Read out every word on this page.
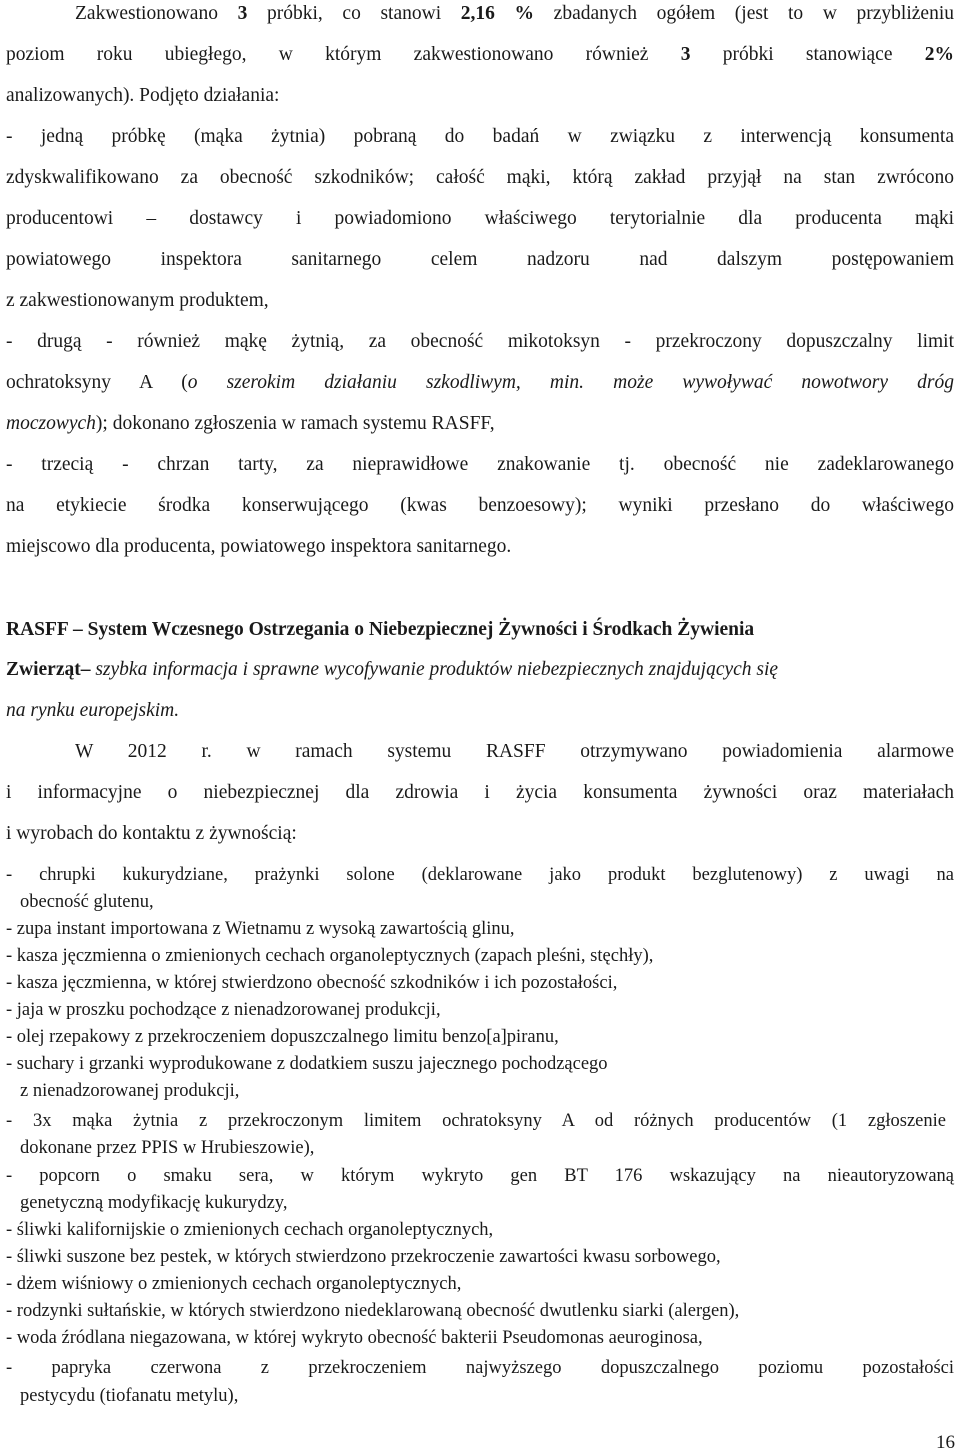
Zakwestionowano 3 próbki, co stanowi 2,16 % zbadanych ogółem (jest to w przybliżeniu
poziom roku ubiegłego, w którym zakwestionowano również 3 próbki stanowiące 2%
analizowanych). Podjęto działania:
- jedną próbkę (mąka żytnia) pobraną do badań w związku z interwencją konsumenta
zdyskwalifikowano za obecność szkodników; całość mąki, którą zakład przyjął na stan zwrócono
producentowi – dostawcy i powiadomiono właściwego terytorialnie dla producenta mąki
powiatowego inspektora sanitarnego celem nadzoru nad dalszym postępowaniem
z zakwestionowanym produktem,
- drugą - również mąkę żytnią, za obecność mikotoksyn - przekroczony dopuszczalny limit
ochratoksyny A (o szerokim działaniu szkodliwym, min. może wywoływać nowotwory dróg
moczowych); dokonano zgłoszenia w ramach systemu RASFF,
- trzecią - chrzan tarty, za nieprawidłowe znakowanie tj. obecność nie zadeklarowanego
na etykiecie środka konserwującego (kwas benzoesowy); wyniki przesłano do właściwego
miejscowo dla producenta, powiatowego inspektora sanitarnego.
RASFF – System Wczesnego Ostrzegania o Niebezpiecznej Żywności i Środkach Żywienia
Zwierząt– szybka informacja i sprawne wycofywanie produktów niebezpiecznych znajdujących się
na rynku europejskim.
W 2012 r. w ramach systemu RASFF otrzymywano powiadomienia alarmowe
i informacyjne o niebezpiecznej dla zdrowia i życia konsumenta żywności oraz materiałach
i wyrobach do kontaktu z żywnością:
- chrupki kukurydziane, prażynki solone (deklarowane jako produkt bezglutenowy) z uwagi na
obecność glutenu,
- zupa instant importowana z Wietnamu z wysoką zawartością glinu,
- kasza jęczmienna o zmienionych cechach organoleptycznych (zapach pleśni, stęchły),
- kasza jęczmienna, w której stwierdzono obecność szkodników i ich pozostałości,
- jaja w proszku pochodzące z nienadzorowanej produkcji,
- olej rzepakowy z przekroczeniem dopuszczalnego limitu benzo[a]piranu,
- suchary i grzanki wyprodukowane z dodatkiem suszu jajecznego pochodzącego
z nienadzorowanej produkcji,
- 3x mąka żytnia z przekroczonym limitem ochratoksyny A od różnych producentów (1 zgłoszenie
dokonane przez PPIS w Hrubieszowie),
- popcorn o smaku sera, w którym wykryto gen BT 176 wskazujący na nieautoryzowaną
genetyczną modyfikację kukurydzy,
- śliwki kalifornijskie o zmienionych cechach organoleptycznych,
- śliwki suszone bez pestek, w których stwierdzono przekroczenie zawartości kwasu sorbowego,
- dżem wiśniowy o zmienionych cechach organoleptycznych,
- rodzynki sułtańskie, w których stwierdzono niedeklarowaną obecność dwutlenku siarki (alergen),
- woda źródlana niegazowana, w której wykryto obecność bakterii Pseudomonas aeuroginosa,
- papryka czerwona z przekroczeniem najwyższego dopuszczalnego poziomu pozostałości
pestycydu (tiofanatu metylu),
16
